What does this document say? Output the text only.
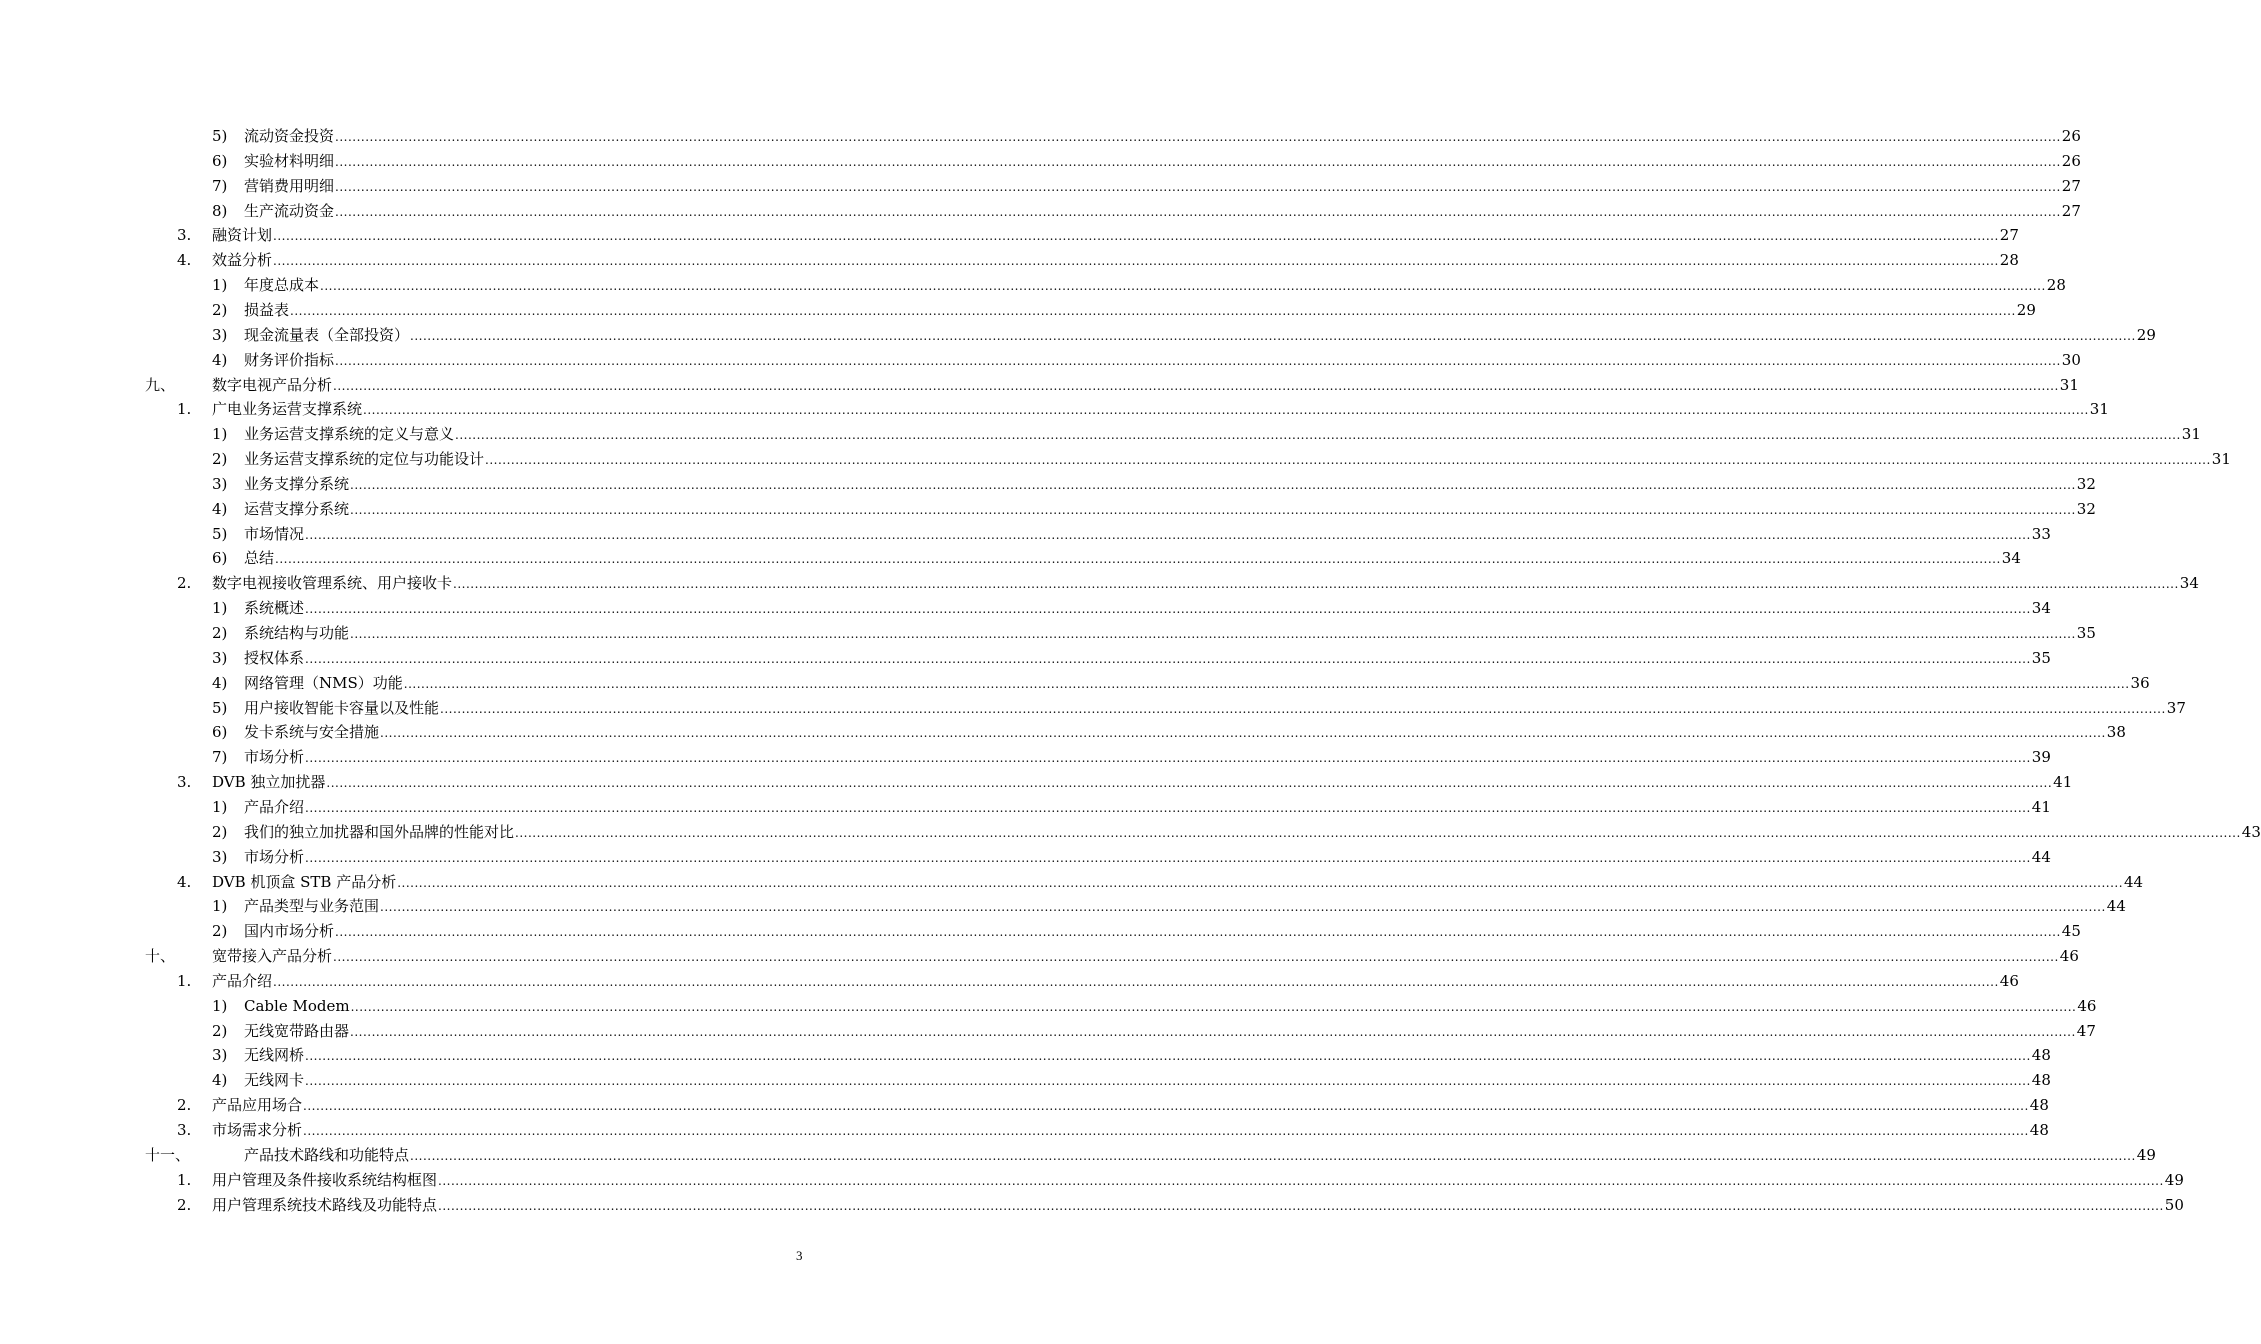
5) 流动资金投资 ................................................................................................................................................................................................................................................................................................................................................................................................................ 26
6) 实验材料明细 ................................................................................................................................................................................................................................................................................................................................................................................................................ 26
7) 营销费用明细 ................................................................................................................................................................................................................................................................................................................................................................................................................ 27
8) 生产流动资金 ................................................................................................................................................................................................................................................................................................................................................................................................................ 27
3. 融资计划 ................................................................................................................................................................................................................................................................................................................................................................................................................ 27
4. 效益分析 ................................................................................................................................................................................................................................................................................................................................................................................................................ 28
1) 年度总成本 ................................................................................................................................................................................................................................................................................................................................................................................................................ 28
2) 损益表 ................................................................................................................................................................................................................................................................................................................................................................................................................ 29
3) 现金流量表（全部投资） ................................................................................................................................................................................................................................................................................................................................................................................................................ 29
4) 财务评价指标 ................................................................................................................................................................................................................................................................................................................................................................................................................ 30
九、 数字电视产品分析 ................................................................................................................................................................................................................................................................................................................................................................................................................ 31
1. 广电业务运营支撑系统 ................................................................................................................................................................................................................................................................................................................................................................................................................ 31
1) 业务运营支撑系统的定义与意义 ................................................................................................................................................................................................................................................................................................................................................................................................................ 31
2) 业务运营支撑系统的定位与功能设计 ................................................................................................................................................................................................................................................................................................................................................................................................................ 31
3) 业务支撑分系统 ................................................................................................................................................................................................................................................................................................................................................................................................................ 32
4) 运营支撑分系统 ................................................................................................................................................................................................................................................................................................................................................................................................................ 32
5) 市场情况 ................................................................................................................................................................................................................................................................................................................................................................................................................ 33
6) 总结 ................................................................................................................................................................................................................................................................................................................................................................................................................ 34
2. 数字电视接收管理系统、用户接收卡 ................................................................................................................................................................................................................................................................................................................................................................................................................ 34
1) 系统概述 ................................................................................................................................................................................................................................................................................................................................................................................................................ 34
2) 系统结构与功能 ................................................................................................................................................................................................................................................................................................................................................................................................................ 35
3) 授权体系 ................................................................................................................................................................................................................................................................................................................................................................................................................ 35
4) 网络管理（NMS）功能 ................................................................................................................................................................................................................................................................................................................................................................................................................ 36
5) 用户接收智能卡容量以及性能 ................................................................................................................................................................................................................................................................................................................................................................................................................ 37
6) 发卡系统与安全措施 ................................................................................................................................................................................................................................................................................................................................................................................................................ 38
7) 市场分析 ................................................................................................................................................................................................................................................................................................................................................................................................................ 39
3. DVB 独立加扰器 ................................................................................................................................................................................................................................................................................................................................................................................................................ 41
1) 产品介绍 ................................................................................................................................................................................................................................................................................................................................................................................................................ 41
2) 我们的独立加扰器和国外品牌的性能对比 ................................................................................................................................................................................................................................................................................................................................................................................................................ 43
3) 市场分析 ................................................................................................................................................................................................................................................................................................................................................................................................................ 44
4. DVB 机顶盒 STB 产品分析 ................................................................................................................................................................................................................................................................................................................................................................................................................ 44
1) 产品类型与业务范围 ................................................................................................................................................................................................................................................................................................................................................................................................................ 44
2) 国内市场分析 ................................................................................................................................................................................................................................................................................................................................................................................................................ 45
十、 宽带接入产品分析 ................................................................................................................................................................................................................................................................................................................................................................................................................ 46
1. 产品介绍 ................................................................................................................................................................................................................................................................................................................................................................................................................ 46
1) Cable Modem ................................................................................................................................................................................................................................................................................................................................................................................................................ 46
2) 无线宽带路由器 ................................................................................................................................................................................................................................................................................................................................................................................................................ 47
3) 无线网桥 ................................................................................................................................................................................................................................................................................................................................................................................................................ 48
4) 无线网卡 ................................................................................................................................................................................................................................................................................................................................................................................................................ 48
2. 产品应用场合 ................................................................................................................................................................................................................................................................................................................................................................................................................ 48
3. 市场需求分析 ................................................................................................................................................................................................................................................................................................................................................................................................................ 48
十一、	产品技术路线和功能特点 ................................................................................................................................................................................................................................................................................................................................................................................................................ 49
1. 用户管理及条件接收系统结构框图 ................................................................................................................................................................................................................................................................................................................................................................................................................ 49
2. 用户管理系统技术路线及功能特点 ................................................................................................................................................................................................................................................................................................................................................................................................................ 50
3
